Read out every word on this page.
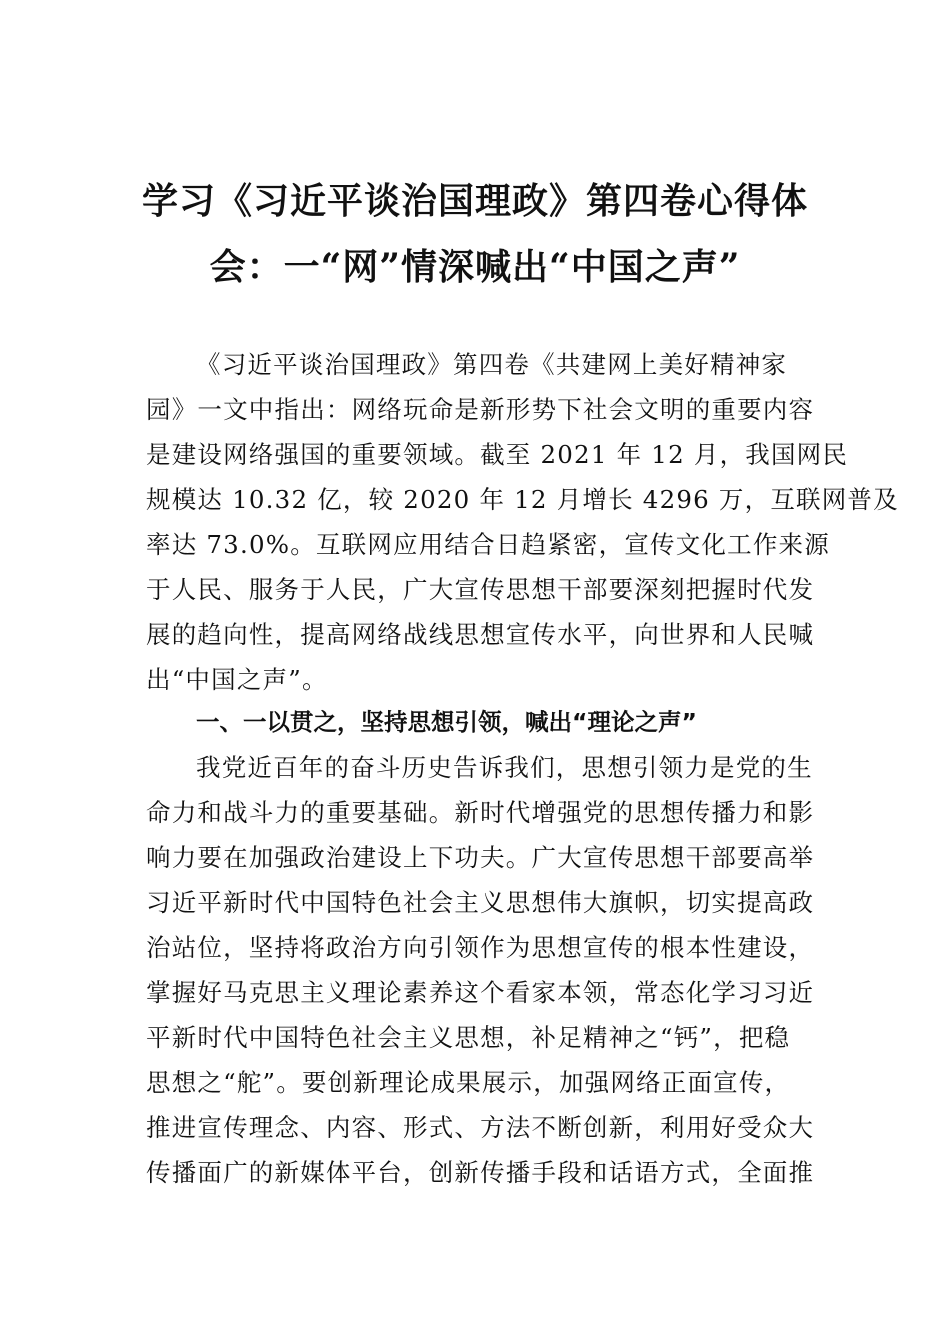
学习《习近平谈治国理政》第四卷心得体
会：一“网”情深喊出“中国之声”
《习近平谈治国理政》第四卷《共建网上美好精神家
园》一文中指出：网络玩命是新形势下社会文明的重要内容
是建设网络强国的重要领域。截至 2021 年 12 月，我国网民
规模达 10.32 亿，较 2020 年 12 月增长 4296 万，互联网普及
率达 73.0%。互联网应用结合日趋紧密，宣传文化工作来源
于人民、服务于人民，广大宣传思想干部要深刻把握时代发
展的趋向性，提高网络战线思想宣传水平，向世界和人民喊
出“中国之声”。
一、一以贯之，坚持思想引领，喊出“理论之声”
我党近百年的奋斗历史告诉我们，思想引领力是党的生
命力和战斗力的重要基础。新时代增强党的思想传播力和影
响力要在加强政治建设上下功夫。广大宣传思想干部要高举
习近平新时代中国特色社会主义思想伟大旗帜，切实提高政
治站位，坚持将政治方向引领作为思想宣传的根本性建设，
掌握好马克思主义理论素养这个看家本领，常态化学习习近
平新时代中国特色社会主义思想，补足精神之“钙”，把稳
思想之“舵”。要创新理论成果展示，加强网络正面宣传，
推进宣传理念、内容、形式、方法不断创新，利用好受众大
传播面广的新媒体平台，创新传播手段和话语方式，全面推
